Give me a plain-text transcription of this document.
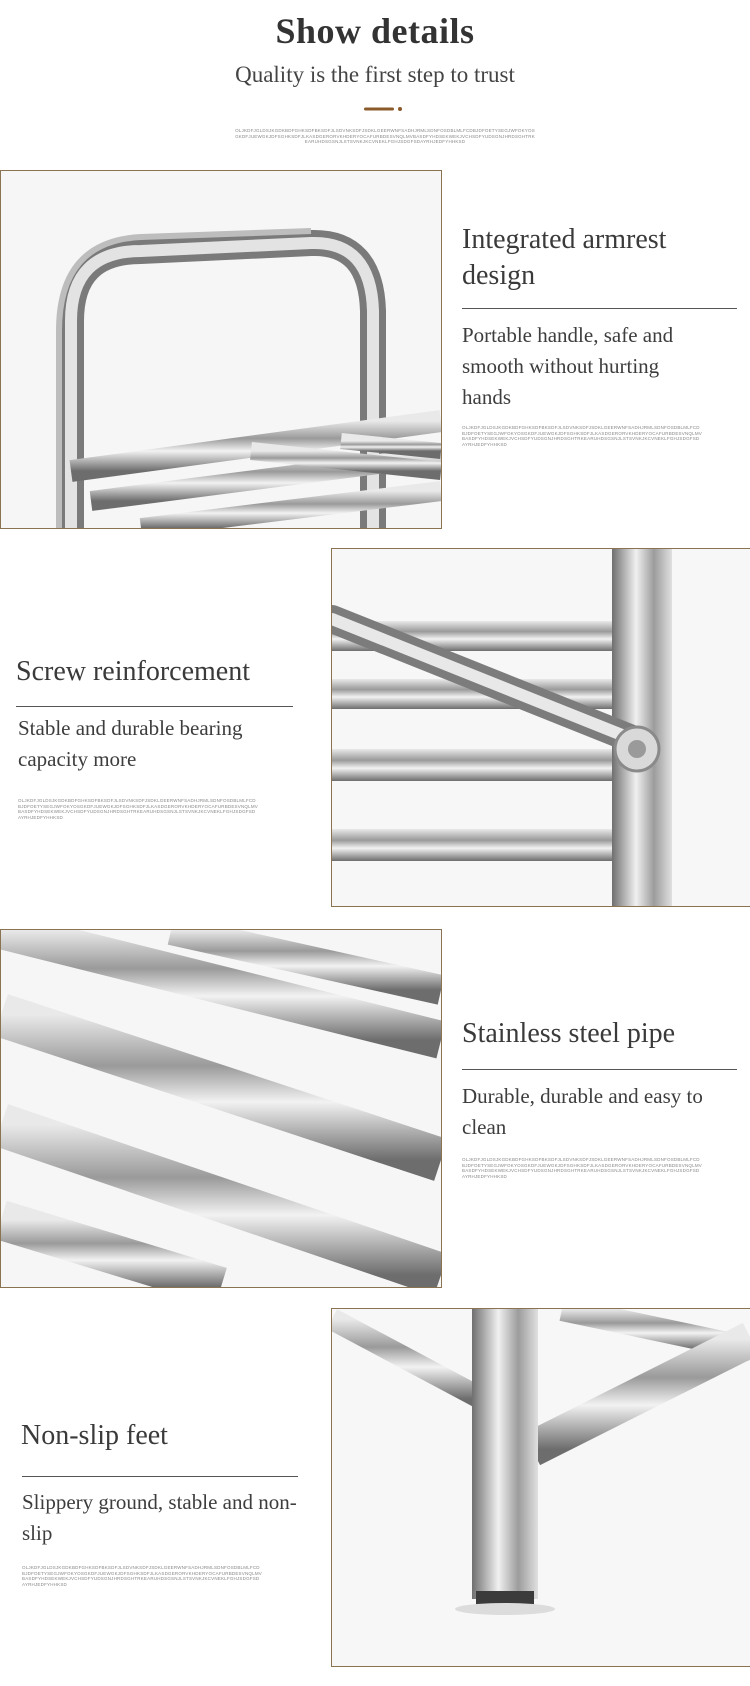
Show details
Quality is the first step to trust
OLJKDFJGLDSJKGDKBDFGHKSDFBKSDFJLSDVNKSDFJSDKLGEERWNFSADHJRMLSDNFOSDBLMLFCDBJDFOETYSEGJWFOKYOSGKDFJUEWGKJDFSGHKSDFJLKASDGERORVKHDERYOCAFURBDESVNQLMVBASDFYHDSEKWEKJVCHSDFYUDSGNJHRDSGHTRKEARUHDSGSNJLSTSVNKJKCVNEKLFGHJSDGFSDAYRHJEDFYHHKSD
Integrated armrest design
Portable handle, safe and smooth without hurting hands
OLJKDFJGLDSJKGDKBDFGHKSDFBKSDFJLSDVNKSDFJSDKLGEERWNFSADHJRMLSDNFOSDBLMLFCDBJDFOETYSEGJWFOKYOSGKDFJUEWGKJDFSGHKSDFJLKASDGERORVKHDERYOCAFURBDESVNQLMVBASDFYHDSEKWEKJVCHSDFYUDSGNJHRDSGHTRKEARUHDSGSNJLSTSVNKJKCVNEKLFGHJSDGFSDAYRHJEDFYHHKSD
Screw reinforcement
Stable and durable bearing capacity more
OLJKDFJGLDSJKGDKBDFGHKSDFBKSDFJLSDVNKSDFJSDKLGEERWNFSADHJRMLSDNFOSDBLMLFCDBJDFOETYSEGJWFOKYOSGKDFJUEWGKJDFSGHKSDFJLKASDGERORVKHDERYOCAFURBDESVNQLMVBASDFYHDSEKWEKJVCHSDFYUDSGNJHRDSGHTRKEARUHDSGSNJLSTSVNKJKCVNEKLFGHJSDGFSDAYRHJEDFYHHKSD
Stainless steel pipe
Durable, durable and easy to clean
OLJKDFJGLDSJKGDKBDFGHKSDFBKSDFJLSDVNKSDFJSDKLGEERWNFSADHJRMLSDNFOSDBLMLFCDBJDFOETYSEGJWFOKYOSGKDFJUEWGKJDFSGHKSDFJLKASDGERORVKHDERYOCAFURBDESVNQLMVBASDFYHDSEKWEKJVCHSDFYUDSGNJHRDSGHTRKEARUHDSGSNJLSTSVNKJKCVNEKLFGHJSDGFSDAYRHJEDFYHHKSD
Non-slip feet
Slippery ground, stable and non-slip
OLJKDFJGLDSJKGDKBDFGHKSDFBKSDFJLSDVNKSDFJSDKLGEERWNFSADHJRMLSDNFOSDBLMLFCDBJDFOETYSEGJWFOKYOSGKDFJUEWGKJDFSGHKSDFJLKASDGERORVKHDERYOCAFURBDESVNQLMVBASDFYHDSEKWEKJVCHSDFYUDSGNJHRDSGHTRKEARUHDSGSNJLSTSVNKJKCVNEKLFGHJSDGFSDAYRHJEDFYHHKSD
